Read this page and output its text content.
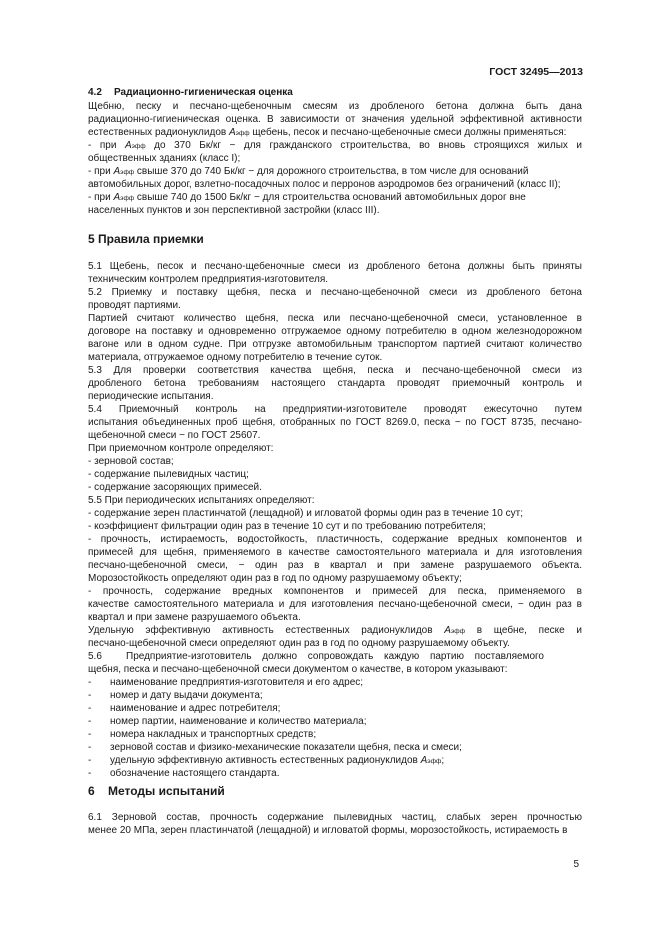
ГОСТ 32495—2013
4.2 Радиационно-гигиеническая оценка
Щебню, песку и песчано-щебеночным смесям из дробленого бетона должна быть дана
радиационно-гигиеническая оценка. В зависимости от значения удельной эффективной активности
естественных радионуклидов Aэфф щебень, песок и песчано-щебеночные смеси должны применяться:
- при Aэфф до 370 Бк/кг − для гражданского строительства, во вновь строящихся жилых и
общественных зданиях (класс I);
- при Aэфф свыше 370 до 740 Бк/кг − для дорожного строительства, в том числе для оснований
автомобильных дорог, взлетно-посадочных полос и перронов аэродромов без ограничений (класс II);
- при Aэфф свыше 740 до 1500 Бк/кг − для строительства оснований автомобильных дорог вне
населенных пунктов и зон перспективной застройки (класс III).
5 Правила приемки
5.1 Щебень, песок и песчано-щебеночные смеси из дробленого бетона должны быть приняты
техническим контролем предприятия-изготовителя.
5.2 Приемку и поставку щебня, песка и песчано-щебеночной смеси из дробленого бетона
проводят партиями.
Партией считают количество щебня, песка или песчано-щебеночной смеси, установленное в
договоре на поставку и одновременно отгружаемое одному потребителю в одном железнодорожном
вагоне или в одном судне. При отгрузке автомобильным транспортом партией считают количество
материала, отгружаемое одному потребителю в течение суток.
5.3 Для проверки соответствия качества щебня, песка и песчано-щебеночной смеси из
дробленого бетона требованиям настоящего стандарта проводят приемочный контроль и
периодические испытания.
5.4 Приемочный контроль на предприятии-изготовителе проводят ежесуточно путем
испытания объединенных проб щебня, отобранных по ГОСТ 8269.0, песка − по ГОСТ 8735, песчано-
щебеночной смеси − по ГОСТ 25607.
При приемочном контроле определяют:
- зерновой состав;
- содержание пылевидных частиц;
- содержание засоряющих примесей.
5.5 При периодических испытаниях определяют:
- содержание зерен пластинчатой (лещадной) и игловатой формы один раз в течение 10 сут;
- коэффициент фильтрации один раз в течение 10 сут и по требованию потребителя;
- прочность, истираемость, водостойкость, пластичность, содержание вредных компонентов и
примесей для щебня, применяемого в качестве самостоятельного материала и для изготовления
песчано-щебеночной смеси, − один раз в квартал и при замене разрушаемого объекта.
Морозостойкость определяют один раз в год по одному разрушаемому объекту;
- прочность, содержание вредных компонентов и примесей для песка, применяемого в
качестве самостоятельного материала и для изготовления песчано-щебеночной смеси, − один раз в
квартал и при замене разрушаемого объекта.
Удельную эффективную активность естественных радионуклидов Aэфф в щебне, песке и
песчано-щебеночной смеси определяют один раз в год по одному разрушаемому объекту.
5.6 Предприятие-изготовитель должно сопровождать каждую партию поставляемого
щебня, песка и песчано-щебеночной смеси документом о качестве, в котором указывают:
- наименование предприятия-изготовителя и его адрес;
- номер и дату выдачи документа;
- наименование и адрес потребителя;
- номер партии, наименование и количество материала;
- номера накладных и транспортных средств;
- зерновой состав и физико-механические показатели щебня, песка и смеси;
- удельную эффективную активность естественных радионуклидов Aэфф;
- обозначение настоящего стандарта.
6 Методы испытаний
6.1 Зерновой состав, прочность содержание пылевидных частиц, слабых зерен прочностью
менее 20 МПа, зерен пластинчатой (лещадной) и игловатой формы, морозостойкость, истираемость в
5
